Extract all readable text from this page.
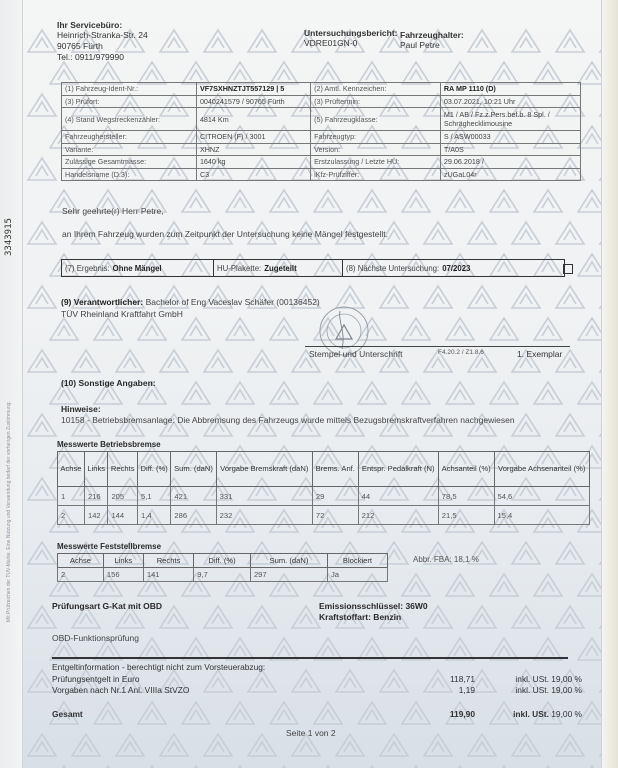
3343915
Mit Prüfzeichen der TÜV-Marke. Eine Nutzung und Verwendung bedarf der vorherigen Zustimmung.
Ihr Servicebüro:
Heinrich-Stranka-Str. 24
90765 Fürth
Tel.: 0911/979990
Untersuchungsbericht:
VDRE01GN-0
Fahrzeughalter:
Paul Petre
(1) Fahrzeug-Ident-Nr.:	VF7SXHNZTJT557129 | 5	(2) Amtl. Kennzeichen:	RA MP 1110 (D)
(3) Prüfort:	0040241579 / 90765 Fürth	(3) Prüftermin:	03.07.2021, 10:21 Uhr
(4) Stand Wegstreckenzähler:	4814 Km	(5) Fahrzeugklasse:	M1 / AB / Fz.z.Pers.bef.b. 8 Spl. / Schräghecklimousine
Fahrzeughersteller:	CITROEN (F) / 3001	Fahrzeugtyp:	S / ASW00033
Variante:	XHNZ	Version:	T/A0S
Zulässige Gesamtmasse:	1640 kg	Erstzulassung / Letzte HU:	29.06.2018 /
Handelsname (D.3):	C3	iKfz-Prüfziffer:	zUGaL04r
Sehr geehrte(r) Herr Petre,
an Ihrem Fahrzeug wurden zum Zeitpunkt der Untersuchung keine Mängel festgestellt.
(7) Ergebnis: Ohne Mängel	HU-Plakette: Zugeteilt	(8) Nächste Untersuchung: 07/2023
(9) Verantwortlicher: Bachelor of Eng Vaceslav Schäfer (00136452)
TÜV Rheinland Kraftfahrt GmbH
Stempel und Unterschrift	F4.20.2 / Z1.8.6	1. Exemplar
(10) Sonstige Angaben:
Hinweise:
10158 - Betriebsbremsanlage: Die Abbremsung des Fahrzeugs wurde mittels Bezugsbremskraftverfahren nachgewiesen
Messwerte Betriebsbremse
Achse	Links	Rechts	Diff. (%)	Sum. (daN)	Vorgabe Bremskraft (daN)	Brems. Anf.	Entspr. Pedalkraft (N)	Achsanteil (%)	Vorgabe Achsenanteil (%)
1	216	205	5,1	421	331	29	44	78,5	54,6
2	142	144	1,4	286	232	72	212	21,5	15,4
Messwerte Feststellbremse
Achse	Links	Rechts	Diff. (%)	Sum. (daN)	Blockiert
2	156	141	9,7	297	Ja
Abbr. FBA: 18,1 %
Prüfungsart G-Kat mit OBD	Emissionsschlüssel: 36W0
Kraftstoffart: Benzin
OBD-Funktionsprüfung
Entgeltinformation - berechtigt nicht zum Vorsteuerabzug:
Prüfungsentgelt in Euro	118,71	inkl. USt. 19,00 %
Vorgaben nach Nr.1 Anl. VIIIa StVZO	1,19	inkl. USt. 19,00 %
Gesamt	119,90	inkl. USt. 19,00 %
Seite 1 von 2
